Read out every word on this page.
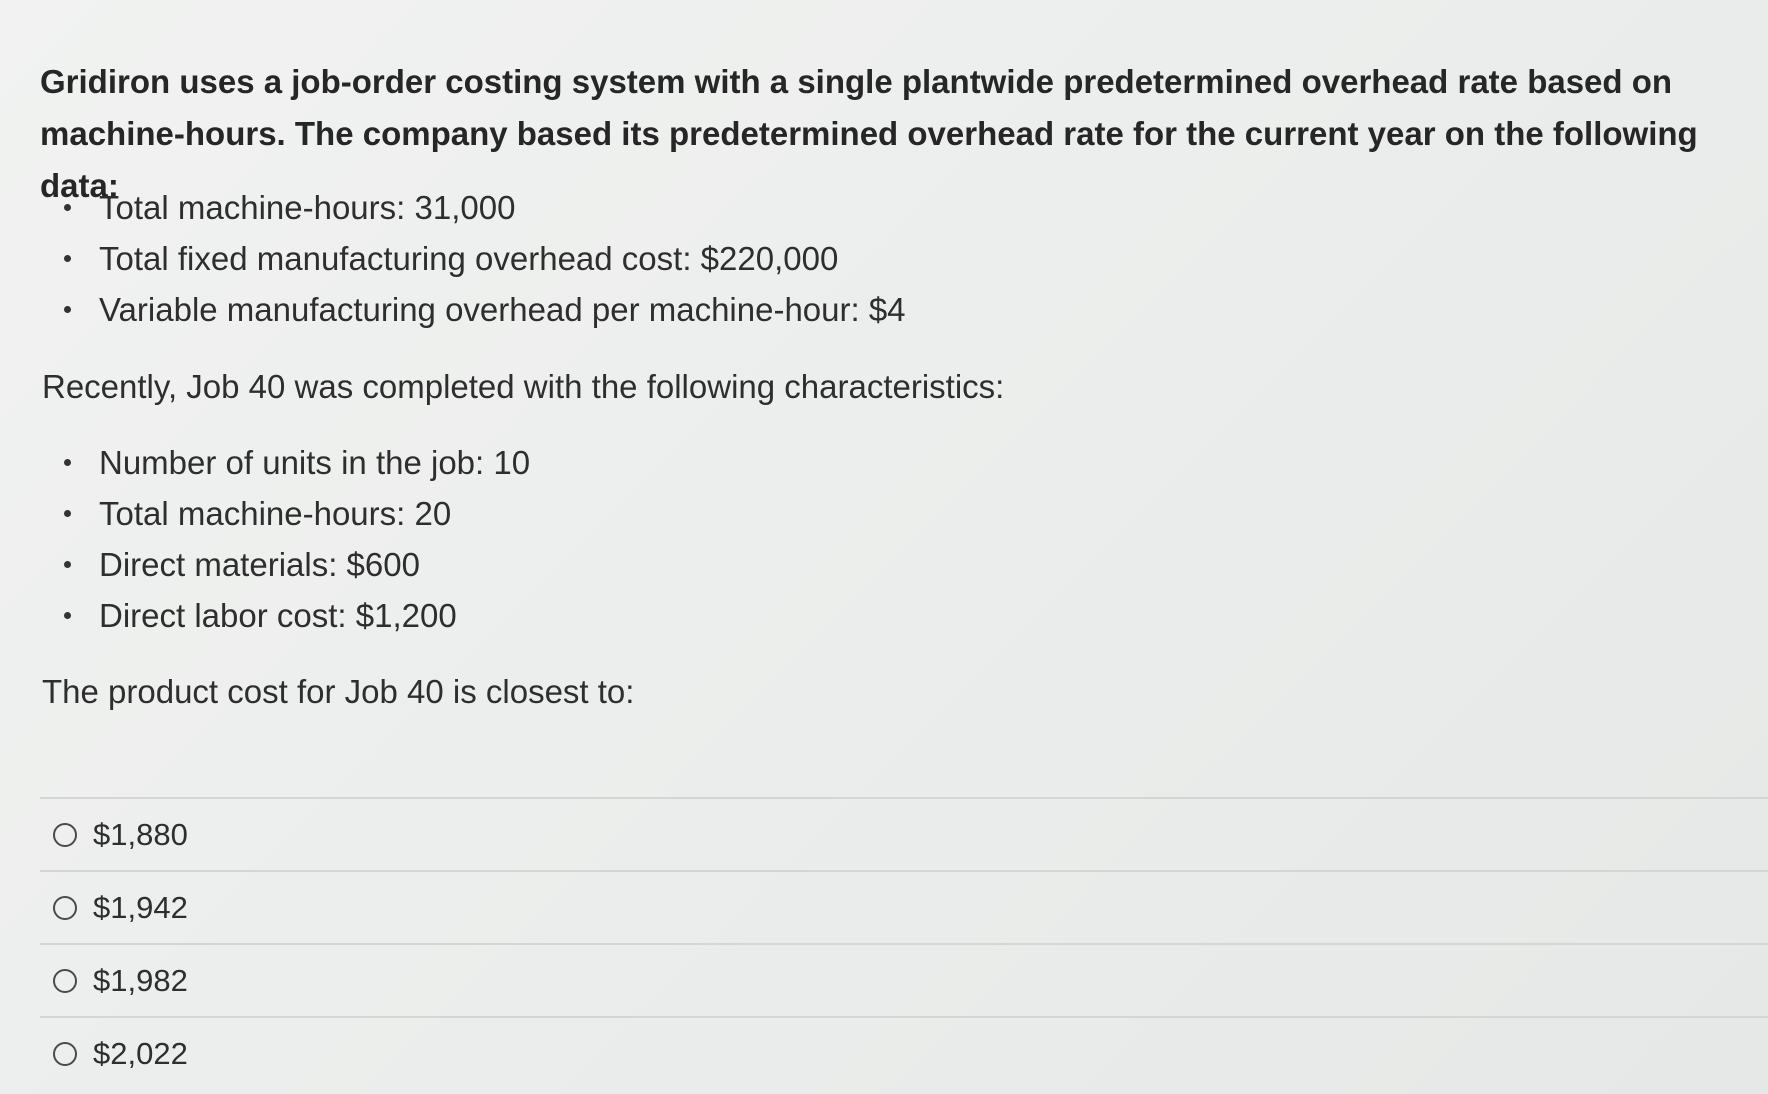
Gridiron uses a job-order costing system with a single plantwide predetermined overhead rate based on machine-hours. The company based its predetermined overhead rate for the current year on the following data:

Total machine-hours: 31,000
Total fixed manufacturing overhead cost: $220,000
Variable manufacturing overhead per machine-hour: $4

Recently, Job 40 was completed with the following characteristics:

Number of units in the job: 10
Total machine-hours: 20
Direct materials: $600
Direct labor cost: $1,200

The product cost for Job 40 is closest to:

$1,880
$1,942
$1,982
$2,022
